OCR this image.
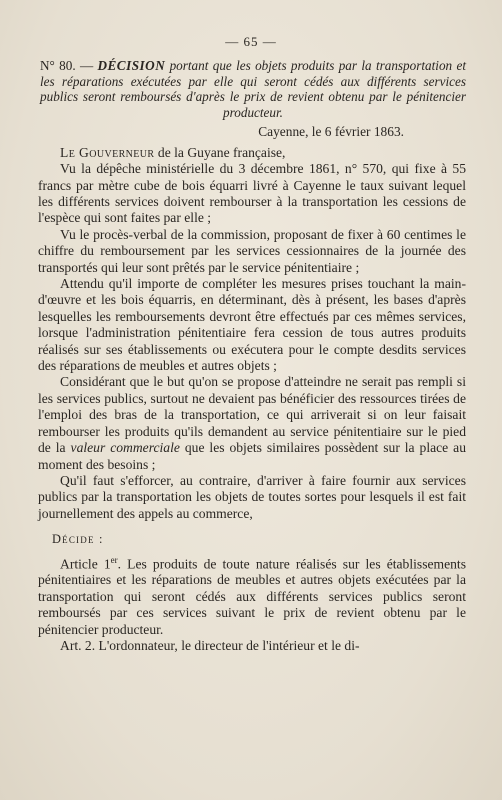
— 65 —
N° 80. — DÉCISION portant que les objets produits par la transportation et les réparations exécutées par elle qui seront cédés aux différents services publics seront remboursés d'après le prix de revient obtenu par le pénitencier producteur.
Cayenne, le 6 février 1863.

Le Gouverneur de la Guyane française,

Vu la dépêche ministérielle du 3 décembre 1861, n° 570, qui fixe à 55 francs par mètre cube de bois équarri livré à Cayenne le taux suivant lequel les différents services doivent rembourser à la transportation les cessions de l'espèce qui sont faites par elle ;

Vu le procès-verbal de la commission, proposant de fixer à 60 centimes le chiffre du remboursement par les services cessionnaires de la journée des transportés qui leur sont prêtés par le service pénitentiaire ;

Attendu qu'il importe de compléter les mesures prises touchant la main-d'œuvre et les bois équarris, en déterminant, dès à présent, les bases d'après lesquelles les remboursements devront être effectués par ces mêmes services, lorsque l'administration pénitentiaire fera cession de tous autres produits réalisés sur ses établissements ou exécutera pour le compte desdits services des réparations de meubles et autres objets ;

Considérant que le but qu'on se propose d'atteindre ne serait pas rempli si les services publics, surtout ne devaient pas bénéficier des ressources tirées de l'emploi des bras de la transportation, ce qui arriverait si on leur faisait rembourser les produits qu'ils demandent au service pénitentiaire sur le pied de la valeur commerciale que les objets similaires possèdent sur la place au moment des besoins ;

Qu'il faut s'efforcer, au contraire, d'arriver à faire fournir aux services publics par la transportation les objets de toutes sortes pour lesquels il est fait journellement des appels au commerce,

Décide :

Article 1er. Les produits de toute nature réalisés sur les établissements pénitentiaires et les réparations de meubles et autres objets exécutées par la transportation qui seront cédés aux différents services publics seront remboursés par ces services suivant le prix de revient obtenu par le pénitencier producteur.

Art. 2. L'ordonnateur, le directeur de l'intérieur et le di-
